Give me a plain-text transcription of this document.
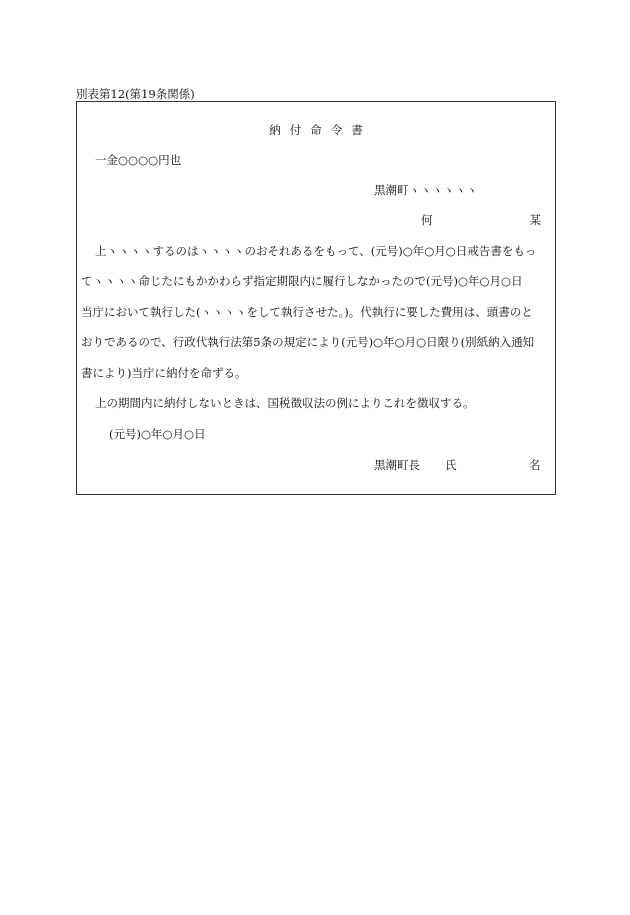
別表第12(第19条関係)
納付命令書
一金○○○○円也
黒潮町ヽヽヽヽヽヽ
何	某
上ヽヽヽヽするのはヽヽヽヽのおそれあるをもって、(元号)○年○月○日戒告書をもっ
てヽヽヽヽ命じたにもかかわらず指定期限内に履行しなかったので(元号)○年○月○日
当庁において執行した(ヽヽヽヽをして執行させた。)。代執行に要した費用は、頭書のと
おりであるので、行政代執行法第5条の規定により(元号)○年○月○日限り(別紙納入通知
書により)当庁に納付を命ずる。
上の期間内に納付しないときは、国税徴収法の例によりこれを徴収する。
(元号)○年○月○日
黒潮町長 氏	名
